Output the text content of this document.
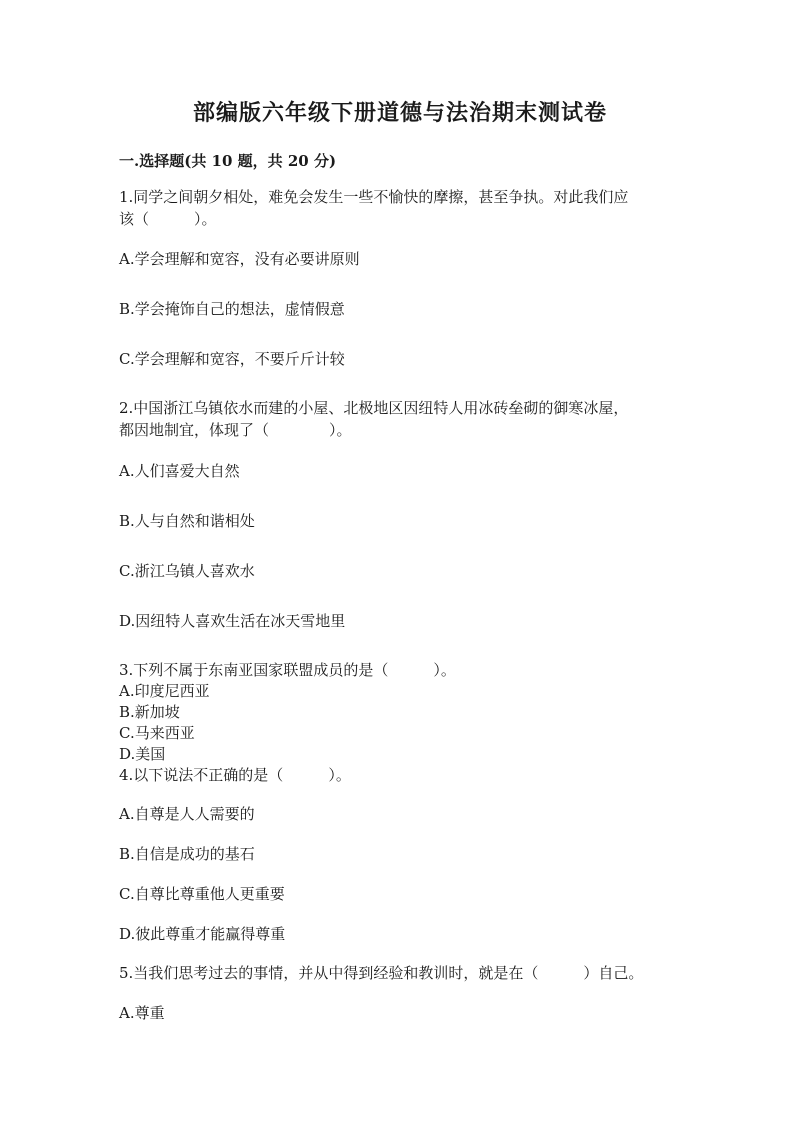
部编版六年级下册道德与法治期末测试卷
一.选择题(共 10 题，共 20 分)
1.同学之间朝夕相处，难免会发生一些不愉快的摩擦，甚至争执。对此我们应
该（　　　）。
A.学会理解和宽容，没有必要讲原则
B.学会掩饰自己的想法，虚情假意
C.学会理解和宽容，不要斤斤计较
2.中国浙江乌镇依水而建的小屋、北极地区因纽特人用冰砖垒砌的御寒冰屋，
都因地制宜，体现了（　　　　）。
A.人们喜爱大自然
B.人与自然和谐相处
C.浙江乌镇人喜欢水
D.因纽特人喜欢生活在冰天雪地里
3.下列不属于东南亚国家联盟成员的是（　　　）。
A.印度尼西亚
B.新加坡
C.马来西亚
D.美国
4.以下说法不正确的是（　　　）。
A.自尊是人人需要的
B.自信是成功的基石
C.自尊比尊重他人更重要
D.彼此尊重才能赢得尊重
5.当我们思考过去的事情，并从中得到经验和教训时，就是在（　　　）自己。
A.尊重
